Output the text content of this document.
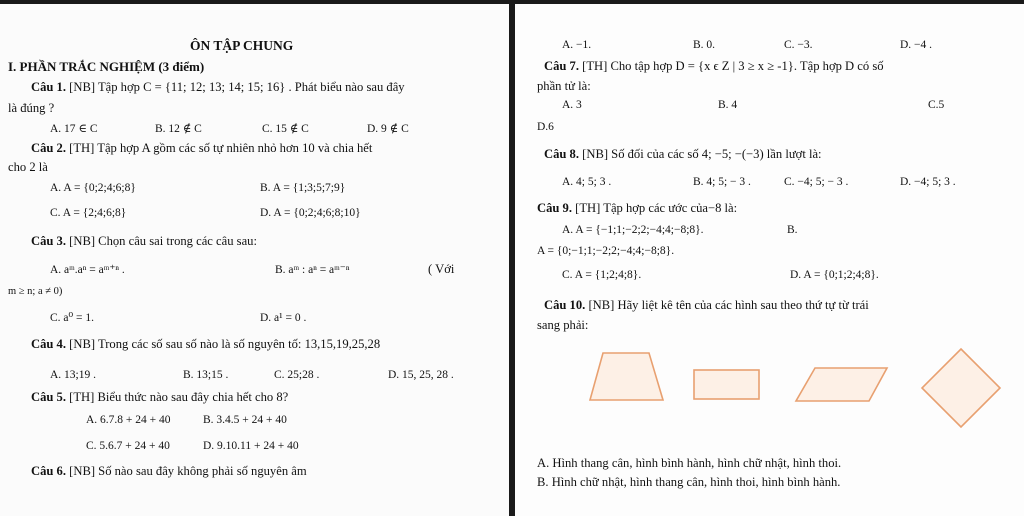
ÔN TẬP CHUNG
I. PHẦN TRẮC NGHIỆM (3 điểm)
Câu 1. [NB] Tập hợp C = {11; 12; 13; 14; 15; 16} . Phát biểu nào sau đây
là đúng ?
A. 17 ∈ C	B. 12 ∉ C	C. 15 ∉ C	D. 9 ∉ C
Câu 2. [TH] Tập hợp A gồm các số tự nhiên nhỏ hơn 10 và chia hết
cho 2 là
A. A = {0;2;4;6;8}	B. A = {1;3;5;7;9}
C. A = {2;4;6;8}	D. A = {0;2;4;6;8;10}
Câu 3. [NB] Chọn câu sai trong các câu sau:
A. aᵐ.aⁿ = aᵐ⁺ⁿ .	B. aᵐ : aⁿ = aᵐ⁻ⁿ	( Với
m ≥ n; a ≠ 0)
C. a⁰ = 1.	D. a¹ = 0 .
Câu 4. [NB] Trong các số sau số nào là số nguyên tố: 13,15,19,25,28
A. 13;19 .	B. 13;15 .	C. 25;28 .	D. 15, 25, 28 .
Câu 5. [TH] Biểu thức nào sau đây chia hết cho 8?
A. 6.7.8 + 24 + 40	B. 3.4.5 + 24 + 40
C. 5.6.7 + 24 + 40	D. 9.10.11 + 24 + 40
Câu 6. [NB] Số nào sau đây không phải số nguyên âm
A. −1.	B. 0.	C. −3.	D. −4 .
Câu 7. [TH] Cho tập hợp D = {x ϵ Z | 3 ≥ x ≥ -1}. Tập hợp D có số
phần tử là:
A. 3	B. 4	C.5
D.6
Câu 8. [NB] Số đối của các số 4; −5; −(−3) lần lượt là:
A. 4; 5; 3 .	B. 4; 5; − 3 .	C. −4; 5; − 3 .	D. −4; 5; 3 .
Câu 9. [TH] Tập hợp các ước của−8 là:
A. A = {−1;1;−2;2;−4;4;−8;8}.	B.
A = {0;−1;1;−2;2;−4;4;−8;8}.
C. A = {1;2;4;8}.	D. A = {0;1;2;4;8}.
Câu 10. [NB] Hãy liệt kê tên của các hình sau theo thứ tự từ trái
sang phải:
A. Hình thang cân, hình bình hành, hình chữ nhật, hình thoi.
B. Hình chữ nhật, hình thang cân, hình thoi, hình bình hành.
